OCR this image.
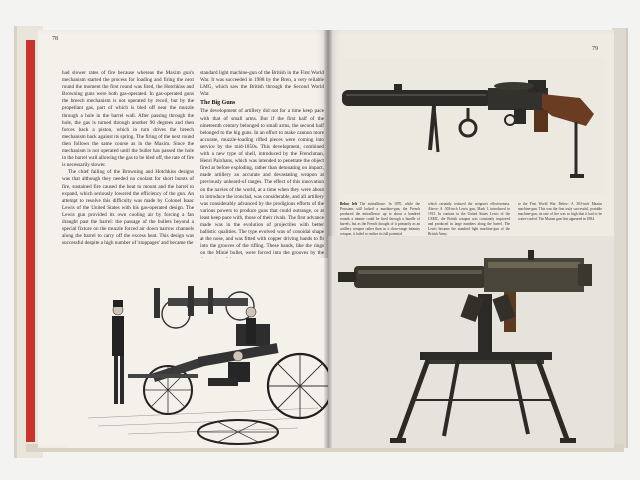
78

had slower rates of fire because whereas the Maxim gun's mechanism started the process for loading and firing the next round the moment the first round was fired, the Hotchkiss and Browning guns were both gas-operated. In gas-operated guns the breech mechanism is not operated by recoil, but by the propellant gas, part of which is bled off near the muzzle through a hole in the barrel wall. After passing through the hole, the gas is turned through another 90 degrees and then forces back a piston, which in turn drives the breech mechanism back against its spring. The firing of the next round then follows the same course as in the Maxim. Since the mechanism is not operated until the bullet has passed the hole in the barrel wall allowing the gas to be bled off, the rate of fire is necessarily slower.

The chief failing of the Browning and Hotchkiss designs was that although they needed no coolant for short bursts of fire, sustained fire caused the heat to mount and the barrel to expand, which seriously lowered the efficiency of the gun. An attempt to resolve this difficulty was made by Colonel Isaac Lewis of the United States with his gas-operated design. The Lewis gun provided its own cooling air by forcing a fan draught past the barrel: the passage of the bullets beyond a special fixture on the muzzle forced air down narrow channels along the barrel to carry off the excess heat. This design was successful despite a high number of 'stoppages' and became the

standard light machine-gun of the British in the First World War. It was succeeded in 1988 by the Bren, a very reliable LMG, which saw the British through the Second World War.

The Big Guns

The development of artillery did not for a time keep pace with that of small arms. But if the first half of the nineteenth century belonged to small arms, the second half belonged to the big guns. In an effort to make cannon more accurate, muzzle-loading rifled pieces were coming into service by the mid-1850s. This development, combined with a new type of shell, introduced by the Frenchman, Henri Paixhans, which was intended to penetrate the object fired at before exploding, rather than detonating on impact, made artillery an accurate and devastating weapon at previously unheard-of ranges. The effect of this innovation on the navies of the world, at a time when they were about to introduce the ironclad, was considerable, and all artillery was considerably advanced by the prodigious efforts of the various powers to produce guns that could outrange, or at least keep pace with, those of their rivals. The first advance made was in the evolution of projectiles with better ballistic qualities. The type evolved was of conoidal shape at the nose, and was fitted with copper driving bands to fit into the grooves of the rifling. These bands, like the rings on the Minié bullet, were forced into the grooves by the

79
Below left The mitrailleuse. In 1870, while the Prussians still lacked a machine-gun, the French produced the mitrailleuse: up to about a hundred rounds a minute could be fired through a bundle of barrels, but as the French thought of it primarily as an artillery weapon rather than as a close-range infantry weapon, it failed to realize its full potential.
which certainly reduced the weapon's effectiveness. Above: A .303-inch Lewis gun, Mark I, introduced in 1915. In contrast to the United States Lewis of the USMC, the British weapon was constantly improved and produced in large numbers along the barrel. The Lewis became the standard light machine-gun of the British Army.
to the First World War. Below: A .303-inch Maxim machine-gun. This was the first truly successful, portable machine-gun, its rate of fire was so high that it had to be water-cooled. The Maxim gun first appeared in 1884.
